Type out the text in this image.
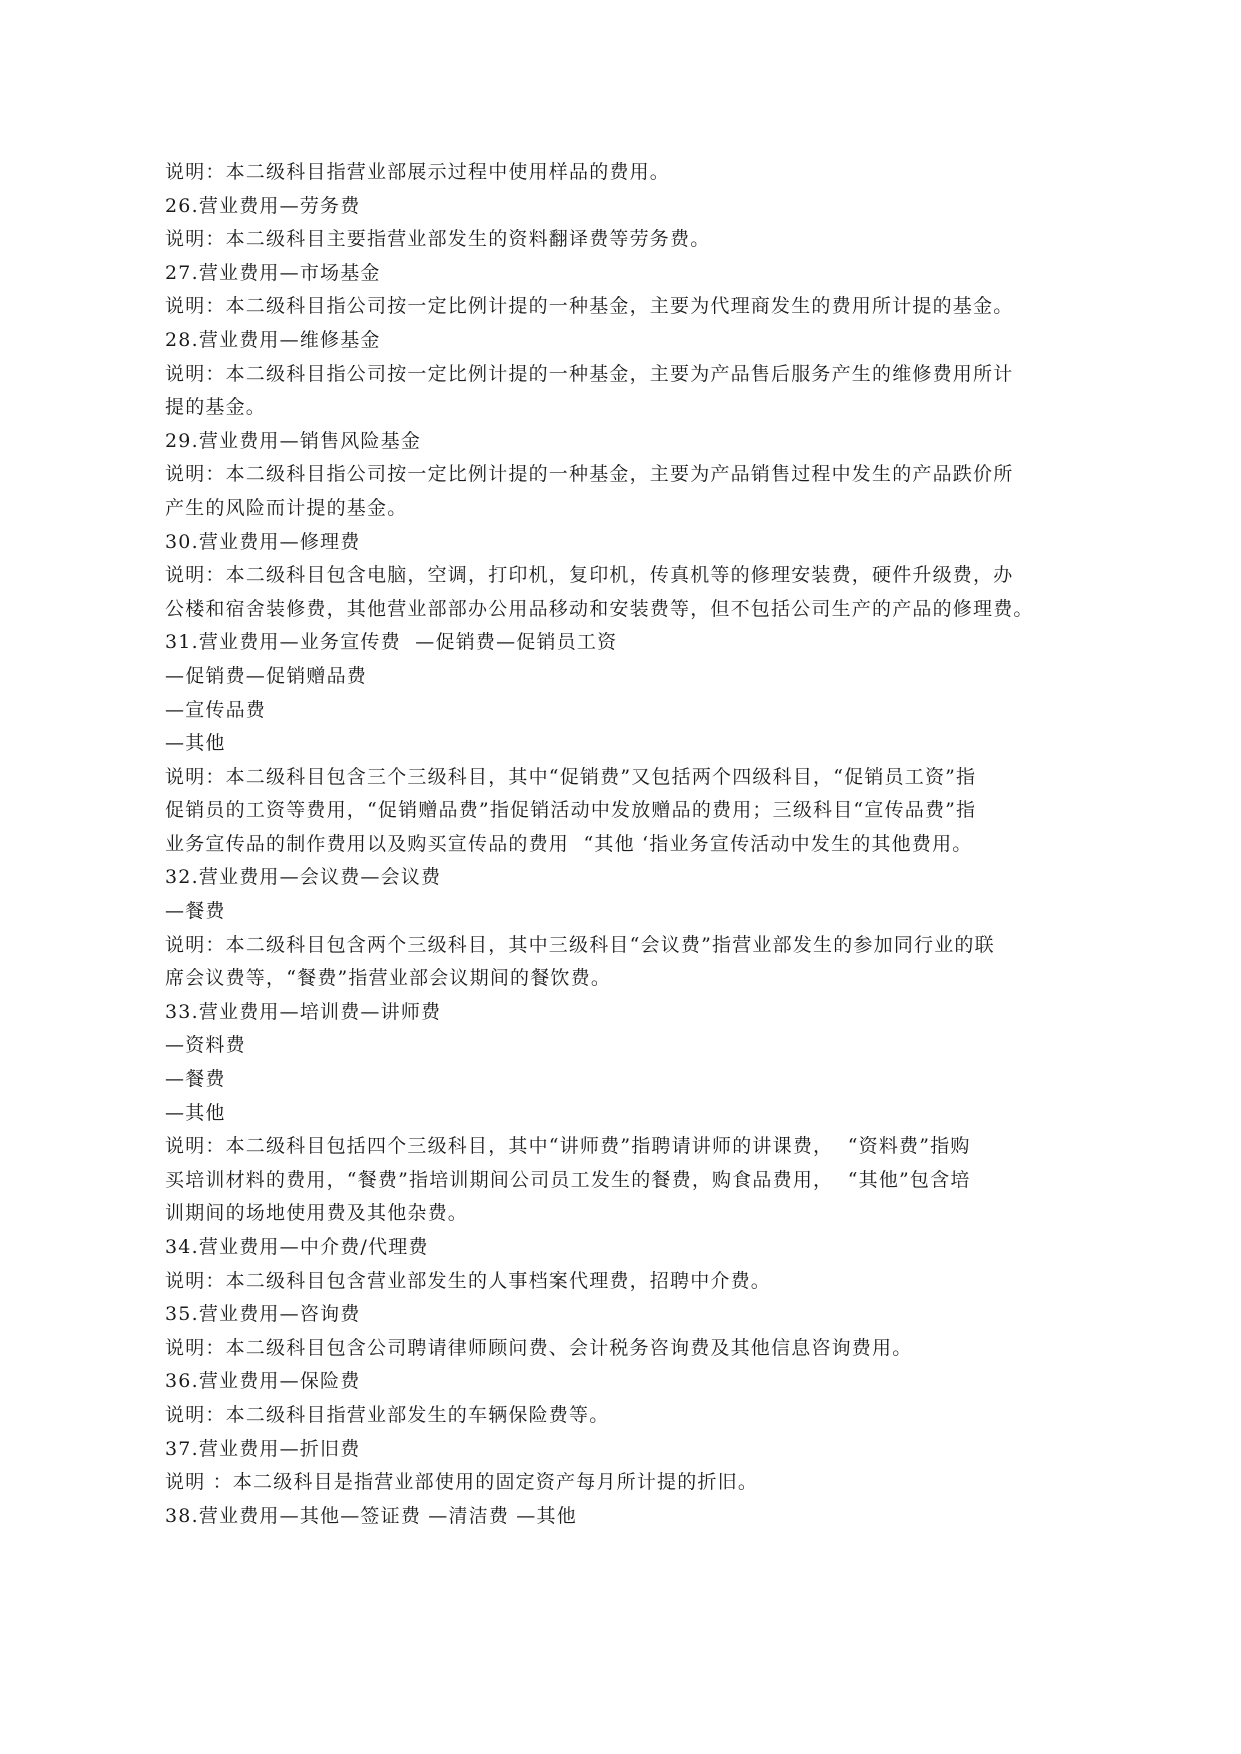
说明：本二级科目指营业部展示过程中使用样品的费用。
26.营业费用—劳务费
说明：本二级科目主要指营业部发生的资料翻译费等劳务费。
27.营业费用—市场基金
说明：本二级科目指公司按一定比例计提的一种基金，主要为代理商发生的费用所计提的基金。
28.营业费用—维修基金
说明：本二级科目指公司按一定比例计提的一种基金，主要为产品售后服务产生的维修费用所计
提的基金。
29.营业费用—销售风险基金
说明：本二级科目指公司按一定比例计提的一种基金，主要为产品销售过程中发生的产品跌价所
产生的风险而计提的基金。
30.营业费用—修理费
说明：本二级科目包含电脑，空调，打印机，复印机，传真机等的修理安装费，硬件升级费，办
公楼和宿舍装修费，其他营业部部办公用品移动和安装费等，但不包括公司生产的产品的修理费。
31.营业费用—业务宣传费  —促销费—促销员工资
—促销费—促销赠品费
—宣传品费
—其他
说明：本二级科目包含三个三级科目，其中“促销费”又包括两个四级科目，“促销员工资”指
促销员的工资等费用，“促销赠品费”指促销活动中发放赠品的费用；三级科目“宣传品费”指
业务宣传品的制作费用以及购买宣传品的费用  “其他 ‘指业务宣传活动中发生的其他费用。
32.营业费用—会议费—会议费
—餐费
说明：本二级科目包含两个三级科目，其中三级科目“会议费”指营业部发生的参加同行业的联
席会议费等，“餐费”指营业部会议期间的餐饮费。
33.营业费用—培训费—讲师费
—资料费
—餐费
—其他
说明：本二级科目包括四个三级科目，其中“讲师费”指聘请讲师的讲课费，  “资料费”指购
买培训材料的费用，“餐费”指培训期间公司员工发生的餐费，购食品费用，  “其他”包含培
训期间的场地使用费及其他杂费。
34.营业费用—中介费/代理费
说明：本二级科目包含营业部发生的人事档案代理费，招聘中介费。
35.营业费用—咨询费
说明：本二级科目包含公司聘请律师顾问费、会计税务咨询费及其他信息咨询费用。
36.营业费用—保险费
说明：本二级科目指营业部发生的车辆保险费等。
37.营业费用—折旧费
说明 ：本二级科目是指营业部使用的固定资产每月所计提的折旧。
38.营业费用—其他—签证费 —清洁费 —其他
